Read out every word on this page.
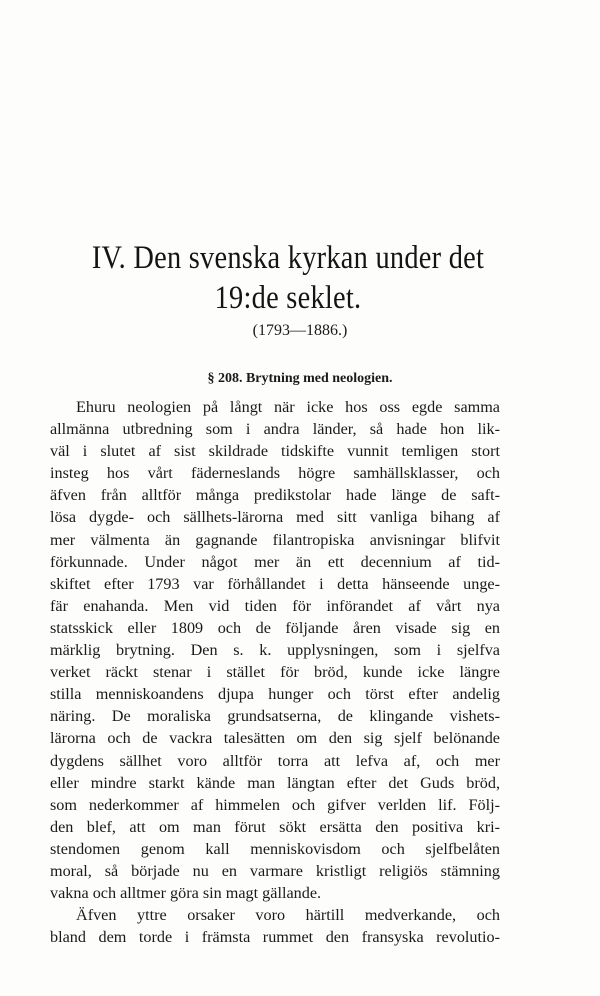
IV. Den svenska kyrkan under det
19:de seklet.
(1793—1886.)
§ 208. Brytning med neologien.
Ehuru neologien på långt när icke hos oss egde samma
allmänna utbredning som i andra länder, så hade hon lik-
väl i slutet af sist skildrade tidskifte vunnit temligen stort
insteg hos vårt fäderneslands högre samhällsklasser, och
äfven från alltför många predikstolar hade länge de saft-
lösa dygde- och sällhets-lärorna med sitt vanliga bihang af
mer välmenta än gagnande filantropiska anvisningar blifvit
förkunnade. Under något mer än ett decennium af tid-
skiftet efter 1793 var förhållandet i detta hänseende unge-
fär enahanda. Men vid tiden för införandet af vårt nya
statsskick eller 1809 och de följande åren visade sig en
märklig brytning. Den s. k. upplysningen, som i sjelfva
verket räckt stenar i stället för bröd, kunde icke längre
stilla menniskoandens djupa hunger och törst efter andelig
näring. De moraliska grundsatserna, de klingande vishets-
lärorna och de vackra talesätten om den sig sjelf belönande
dygdens sällhet voro alltför torra att lefva af, och mer
eller mindre starkt kände man längtan efter det Guds bröd,
som nederkommer af himmelen och gifver verlden lif. Följ-
den blef, att om man förut sökt ersätta den positiva kri-
stendomen genom kall menniskovisdom och sjelfbelåten
moral, så började nu en varmare kristligt religiös stämning
vakna och alltmer göra sin magt gällande.
Äfven yttre orsaker voro härtill medverkande, och
bland dem torde i främsta rummet den fransyska revolutio-
